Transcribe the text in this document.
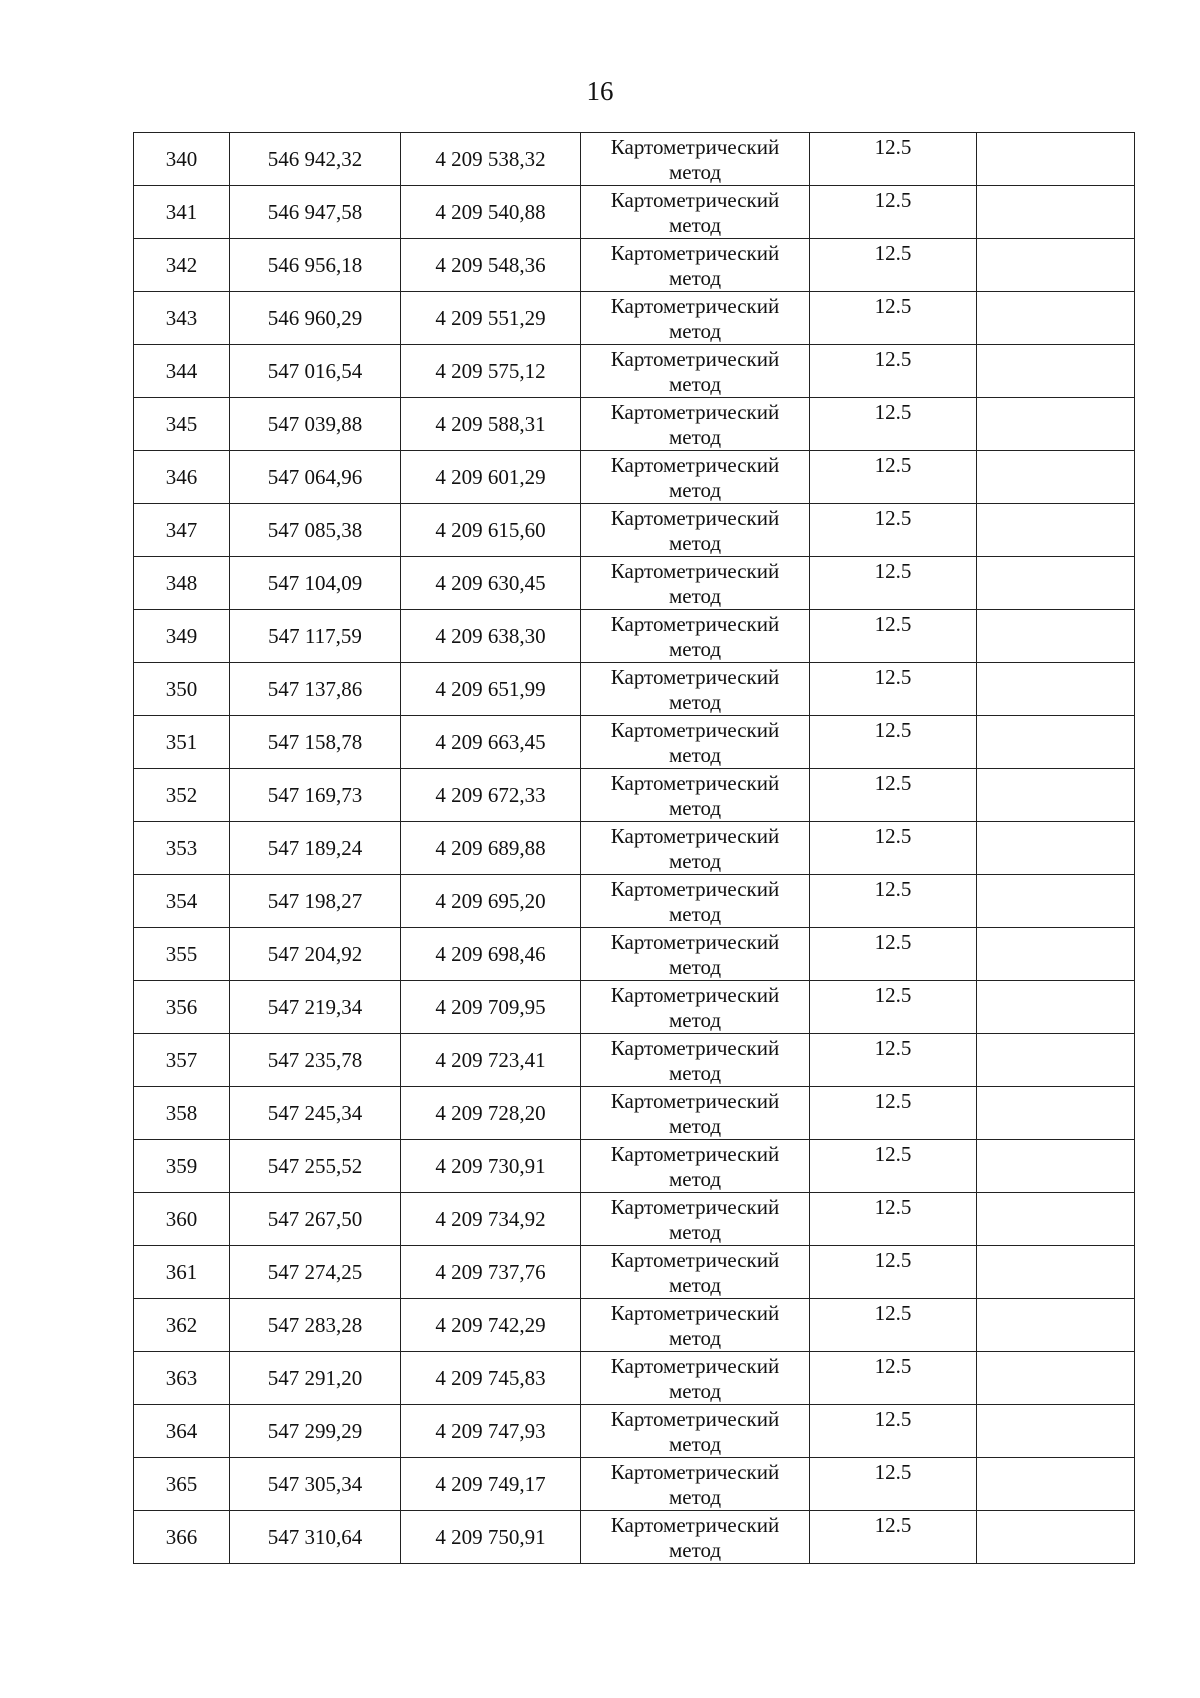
16
340	546 942,32	4 209 538,32	Картометрический
метод	12.5	
341	546 947,58	4 209 540,88	Картометрический
метод	12.5	
342	546 956,18	4 209 548,36	Картометрический
метод	12.5	
343	546 960,29	4 209 551,29	Картометрический
метод	12.5	
344	547 016,54	4 209 575,12	Картометрический
метод	12.5	
345	547 039,88	4 209 588,31	Картометрический
метод	12.5	
346	547 064,96	4 209 601,29	Картометрический
метод	12.5	
347	547 085,38	4 209 615,60	Картометрический
метод	12.5	
348	547 104,09	4 209 630,45	Картометрический
метод	12.5	
349	547 117,59	4 209 638,30	Картометрический
метод	12.5	
350	547 137,86	4 209 651,99	Картометрический
метод	12.5	
351	547 158,78	4 209 663,45	Картометрический
метод	12.5	
352	547 169,73	4 209 672,33	Картометрический
метод	12.5	
353	547 189,24	4 209 689,88	Картометрический
метод	12.5	
354	547 198,27	4 209 695,20	Картометрический
метод	12.5	
355	547 204,92	4 209 698,46	Картометрический
метод	12.5	
356	547 219,34	4 209 709,95	Картометрический
метод	12.5	
357	547 235,78	4 209 723,41	Картометрический
метод	12.5	
358	547 245,34	4 209 728,20	Картометрический
метод	12.5	
359	547 255,52	4 209 730,91	Картометрический
метод	12.5	
360	547 267,50	4 209 734,92	Картометрический
метод	12.5	
361	547 274,25	4 209 737,76	Картометрический
метод	12.5	
362	547 283,28	4 209 742,29	Картометрический
метод	12.5	
363	547 291,20	4 209 745,83	Картометрический
метод	12.5	
364	547 299,29	4 209 747,93	Картометрический
метод	12.5	
365	547 305,34	4 209 749,17	Картометрический
метод	12.5	
366	547 310,64	4 209 750,91	Картометрический
метод	12.5	
